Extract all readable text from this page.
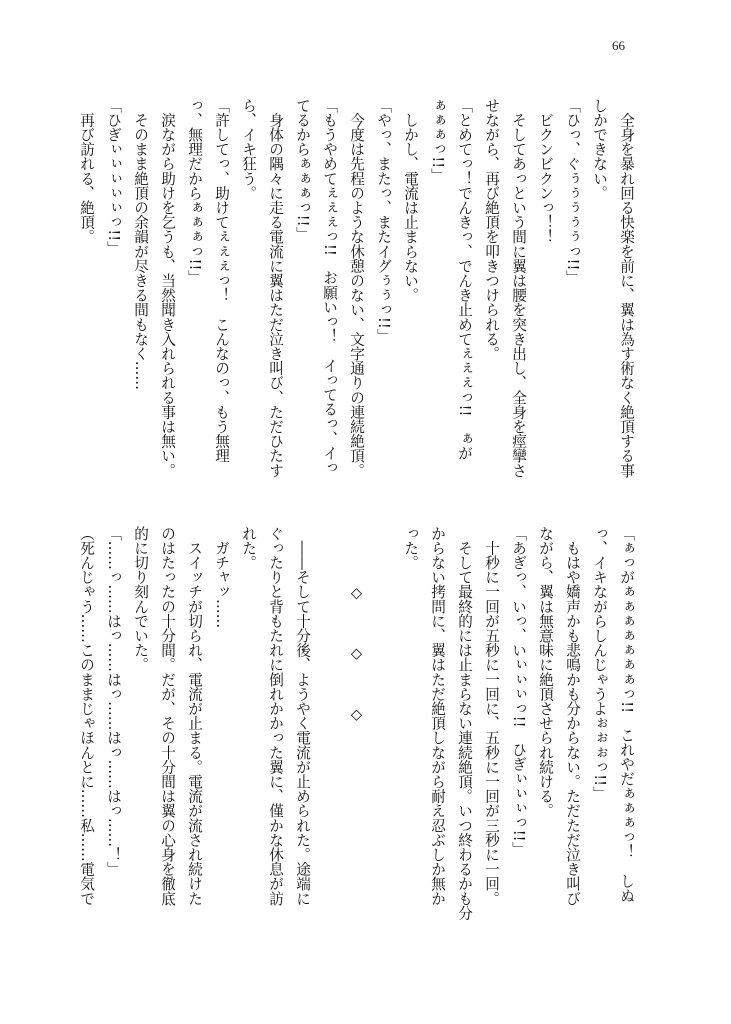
66
　全身を暴れ回る快楽を前に、翼は為す術なく絶頂する事
しかできない。
「ひっ、ぐぅぅぅぅぅっ!!」
　ビクンビクンっ！！
　そしてあっという間に翼は腰を突き出し、全身を痙攣さ
せながら、再び絶頂を叩きつけられる。
「とめてっ！でんきっ、でんき止めてぇぇぇっ!!　ぁが
ぁぁぁっ!!」
　しかし、電流は止まらない。
「やっ、またっ、またイグぅぅっ!!」
　今度は先程のような休憩のない、文字通りの連続絶頂。
「もうやめてぇぇぇっ!!　お願いっ！　イってるっ、イっ
てるからぁぁぁっ!!」
　身体の隅々に走る電流に翼はただ泣き叫び、ただひたす
ら、イキ狂う。
「許してっ、助けてぇぇぇっ！　こんなのっ、もう無理
っ、無理だからぁぁぁっ!!」
　涙ながら助けを乞うも、当然聞き入れられる事は無い。
　そのまま絶頂の余韻が尽きる間もなく……
「ひぎぃぃぃぃぃっ!!」
　再び訪れる、絶頂。
「ぁっがぁぁぁぁぁぁぁっ!!　これやだぁぁぁっ！　しぬ
っ、イキながらしんじゃうよぉぉぉっ!!」
　もはや嬌声かも悲鳴かも分からない。ただただ泣き叫び
ながら、翼は無意味に絶頂させられ続ける。
「あぎっ、いっ、いぃぃぃっ!!　ひぎぃぃぃっ!!」
　十秒に一回が五秒に一回に、五秒に一回が三秒に一回。
　そして最終的には止まらない連続絶頂。いつ終わるかも分
からない拷問に、翼はただ絶頂しながら耐え忍ぶしか無か
った。

　　　　◇　　　◇　　　◇

　――そして十分後、ようやく電流が止められた。途端に
ぐったりと背もたれに倒れかかった翼に、僅かな休息が訪
れた。
　ガチャッ……
　スイッチが切られ、電流が止まる。電流が流され続けた
のはたったの十分間。だが、その十分間は翼の心身を徹底
的に切り刻んでいた。
「……っ……はっ……はっ……はっ……はっ……！」
（死んじゃう……このままじゃほんとに……私……電気で
